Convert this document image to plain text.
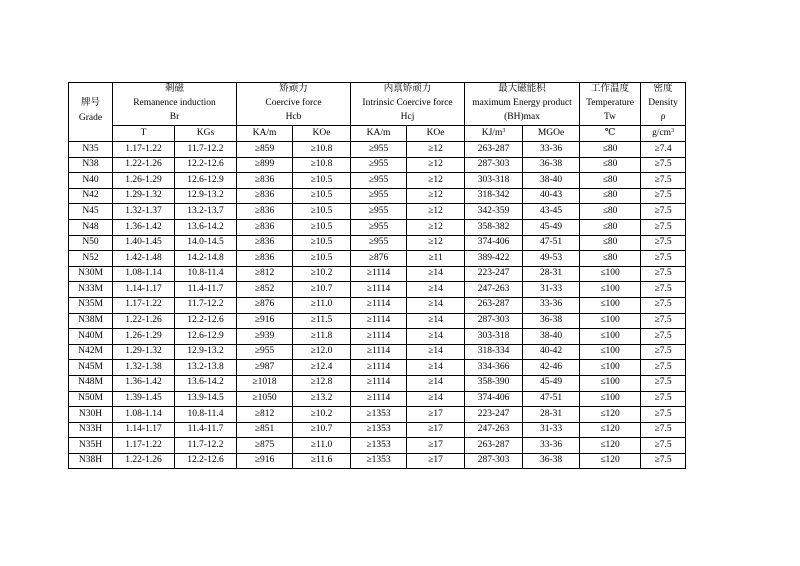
	剩磁		矫顽力		内禀矫顽力		最大磁能积		工作温度	密度
牌号	Remanence induction		Coercive force		Intrinsic Coercive force		maximum Energy product		Temperature	Density
Grade	Br		Hcb		Hcj		(BH)max		Tw	ρ
	T	KGs	KA/m	KOe	KA/m	KOe	$KJ/m^3$	MGOe	℃	$g/cm^3$
N35	1.17-1.22	11.7-12.2	≥859	≥10.8	≥955	≥12	263-287	33-36	≤80	≥7.4
N38	1.22-1.26	12.2-12.6	≥899	≥10.8	≥955	≥12	287-303	36-38	≤80	≥7.5
N40	1.26-1.29	12.6-12.9	≥836	≥10.5	≥955	≥12	303-318	38-40	≤80	≥7.5
N42	1.29-1.32	12.9-13.2	≥836	≥10.5	≥955	≥12	318-342	40-43	≤80	≥7.5
N45	1.32-1.37	13.2-13.7	≥836	≥10.5	≥955	≥12	342-359	43-45	≤80	≥7.5
N48	1.36-1.42	13.6-14.2	≥836	≥10.5	≥955	≥12	358-382	45-49	≤80	≥7.5
N50	1.40-1.45	14.0-14.5	≥836	≥10.5	≥955	≥12	374-406	47-51	≤80	≥7.5
N52	1.42-1.48	14.2-14.8	≥836	≥10.5	≥876	≥11	389-422	49-53	≤80	≥7.5
N30M	1.08-1.14	10.8-11.4	≥812	≥10.2	≥1114	≥14	223-247	28-31	≤100	≥7.5
N33M	1.14-1.17	11.4-11.7	≥852	≥10.7	≥1114	≥14	247-263	31-33	≤100	≥7.5
N35M	1.17-1.22	11.7-12.2	≥876	≥11.0	≥1114	≥14	263-287	33-36	≤100	≥7.5
N38M	1.22-1.26	12.2-12.6	≥916	≥11.5	≥1114	≥14	287-303	36-38	≤100	≥7.5
N40M	1.26-1.29	12.6-12.9	≥939	≥11.8	≥1114	≥14	303-318	38-40	≤100	≥7.5
N42M	1.29-1.32	12.9-13.2	≥955	≥12.0	≥1114	≥14	318-334	40-42	≤100	≥7.5
N45M	1.32-1.38	13.2-13.8	≥987	≥12.4	≥1114	≥14	334-366	42-46	≤100	≥7.5
N48M	1.36-1.42	13.6-14.2	≥1018	≥12.8	≥1114	≥14	358-390	45-49	≤100	≥7.5
N50M	1.39-1.45	13.9-14.5	≥1050	≥13.2	≥1114	≥14	374-406	47-51	≤100	≥7.5
N30H	1.08-1.14	10.8-11.4	≥812	≥10.2	≥1353	≥17	223-247	28-31	≤120	≥7.5
N33H	1.14-1.17	11.4-11.7	≥851	≥10.7	≥1353	≥17	247-263	31-33	≤120	≥7.5
N35H	1.17-1.22	11.7-12.2	≥875	≥11.0	≥1353	≥17	263-287	33-36	≤120	≥7.5
N38H	1.22-1.26	12.2-12.6	≥916	≥11.6	≥1353	≥17	287-303	36-38	≤120	≥7.5
